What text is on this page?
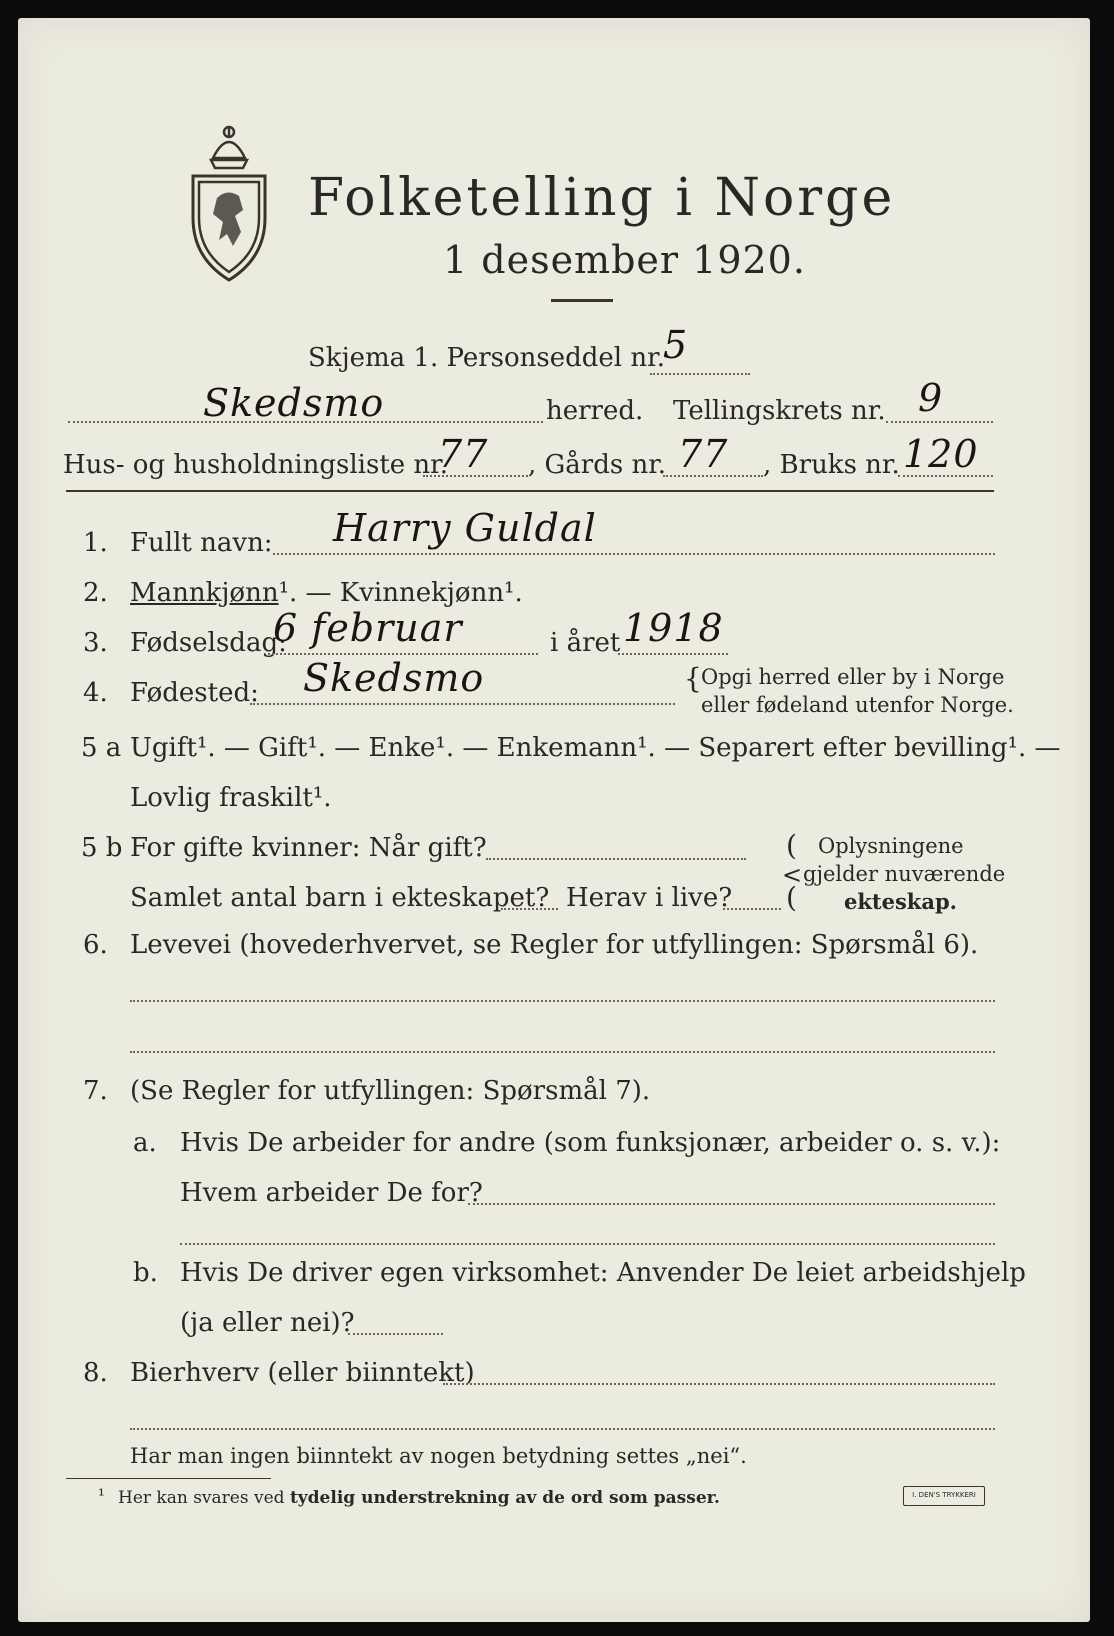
Folketelling i Norge
1 desember 1920.
Skjema 1. Personseddel nr.
5
Skedsmo	herred. Tellingskrets nr. 9
Hus- og husholdningsliste nr.
77 , Gårds nr. 77 , Bruks nr. 120
1. Fullt navn: Harry Guldal
2. Mannkjønn¹. — Kvinnekjønn¹.
3. Fødselsdag:
6 februar	i året 1918
4. Fødested: Skedsmo	{ Opgi herred eller by i Norge
eller fødeland utenfor Norge.
5 a Ugift¹. — Gift¹. — Enke¹. — Enkemann¹. — Separert efter bevilling¹. —
Lovlig fraskilt¹.
5 b For gifte kvinner: Når gift?
Samlet antal barn i ekteskapet? Herav i live?
(
<
(
Oplysningene
gjelder nuværende
ekteskap.
6. Levevei (hovederhvervet, se Regler for utfyllingen: Spørsmål 6).
7. (Se Regler for utfyllingen: Spørsmål 7).
a. Hvis De arbeider for andre (som funksjonær, arbeider o. s. v.):
Hvem arbeider De for?
b. Hvis De driver egen virksomhet: Anvender De leiet arbeidshjelp
(ja eller nei)?
8. Bierhverv (eller biinntekt)
Har man ingen biinntekt av nogen betydning settes „nei“.
¹ Her kan svares ved tydelig understrekning av de ord som passer.	I. DEN'S TRYKKERI
